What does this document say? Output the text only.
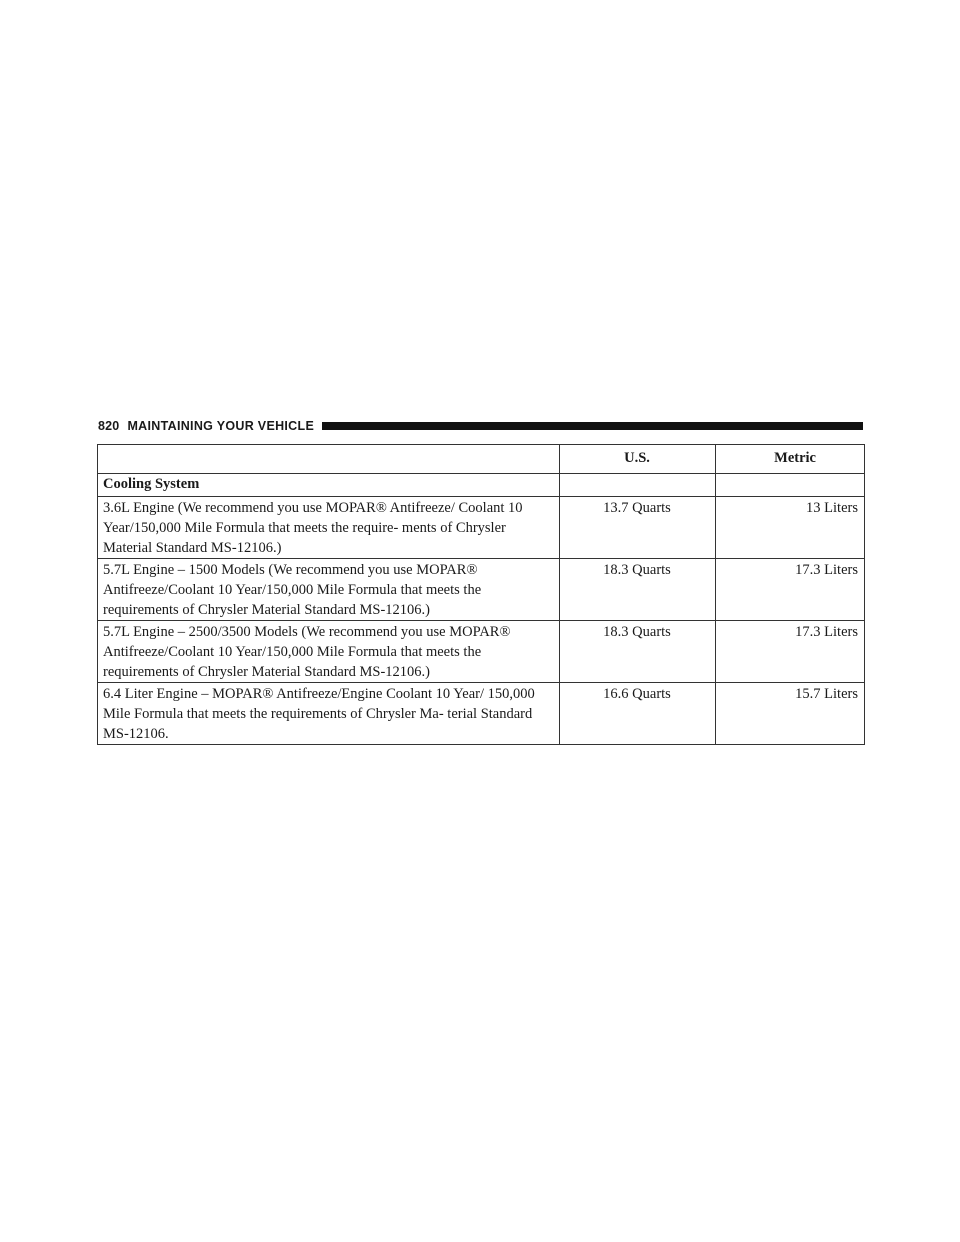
820 MAINTAINING YOUR VEHICLE
	U.S.	Metric
Cooling System		
3.6L Engine (We recommend you use MOPAR® Antifreeze/ Coolant 10 Year/150,000 Mile Formula that meets the require- ments of Chrysler Material Standard MS-12106.)	13.7 Quarts	13 Liters
5.7L Engine – 1500 Models (We recommend you use MOPAR® Antifreeze/Coolant 10 Year/150,000 Mile Formula that meets the requirements of Chrysler Material Standard MS-12106.)	18.3 Quarts	17.3 Liters
5.7L Engine – 2500/3500 Models (We recommend you use MOPAR® Antifreeze/Coolant 10 Year/150,000 Mile Formula that meets the requirements of Chrysler Material Standard MS-12106.)	18.3 Quarts	17.3 Liters
6.4 Liter Engine – MOPAR® Antifreeze/Engine Coolant 10 Year/ 150,000 Mile Formula that meets the requirements of Chrysler Ma- terial Standard MS-12106.	16.6 Quarts	15.7 Liters
